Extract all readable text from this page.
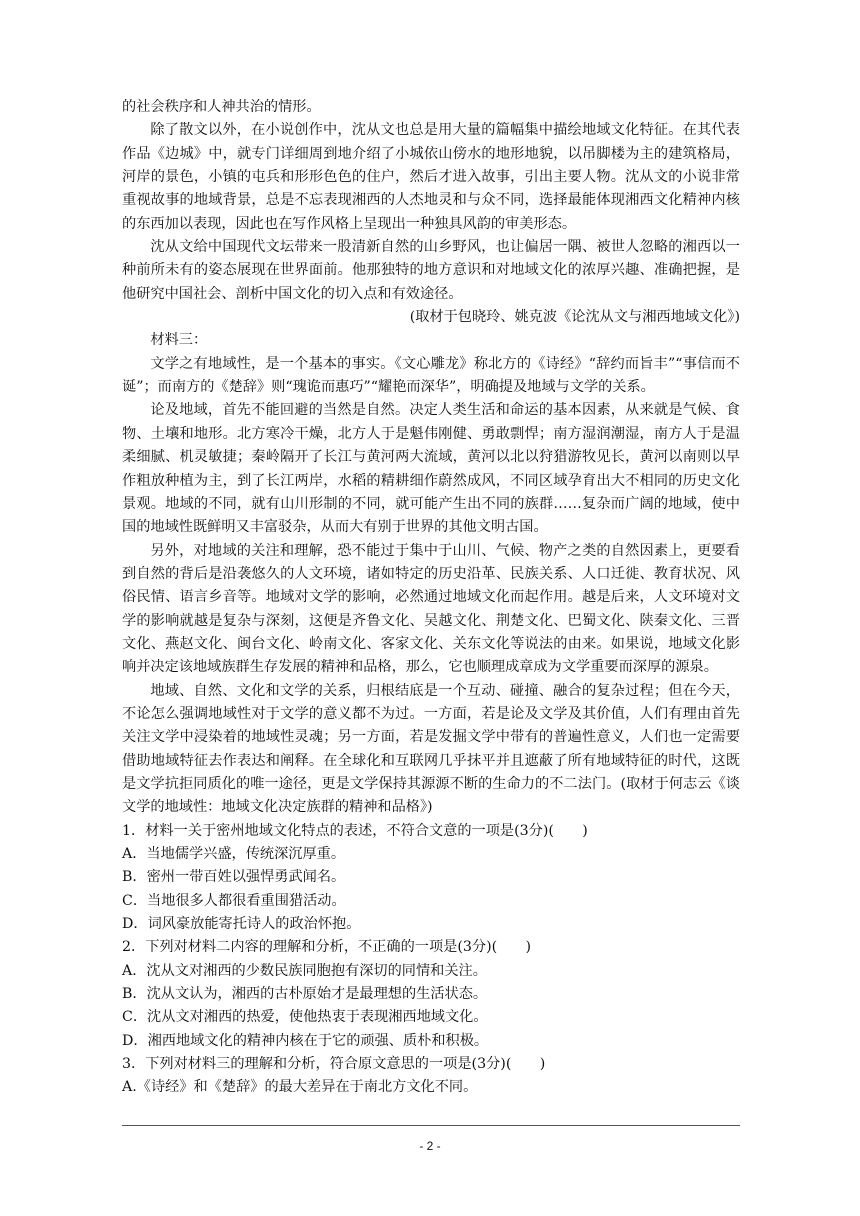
的社会秩序和人神共治的情形。

除了散文以外，在小说创作中，沈从文也总是用大量的篇幅集中描绘地域文化特征。在其代表作品《边城》中，就专门详细周到地介绍了小城依山傍水的地形地貌，以吊脚楼为主的建筑格局，河岸的景色，小镇的屯兵和形形色色的住户，然后才进入故事，引出主要人物。沈从文的小说非常重视故事的地域背景，总是不忘表现湘西的人杰地灵和与众不同，选择最能体现湘西文化精神内核的东西加以表现，因此也在写作风格上呈现出一种独具风韵的审美形态。

沈从文给中国现代文坛带来一股清新自然的山乡野风，也让偏居一隅、被世人忽略的湘西以一种前所未有的姿态展现在世界面前。他那独特的地方意识和对地域文化的浓厚兴趣、准确把握，是他研究中国社会、剖析中国文化的切入点和有效途径。

(取材于包晓玲、姚克波《论沈从文与湘西地域文化》)

材料三：

文学之有地域性，是一个基本的事实。《文心雕龙》称北方的《诗经》“辞约而旨丰”“事信而不诞”；而南方的《楚辞》则“瑰诡而惠巧”“耀艳而深华”，明确提及地域与文学的关系。

论及地域，首先不能回避的当然是自然。决定人类生活和命运的基本因素，从来就是气候、食物、土壤和地形。北方寒冷干燥，北方人于是魁伟刚健、勇敢剽悍；南方湿润潮湿，南方人于是温柔细腻、机灵敏捷；秦岭隔开了长江与黄河两大流域，黄河以北以狩猎游牧见长，黄河以南则以早作粗放种植为主，到了长江两岸，水稻的精耕细作蔚然成风，不同区域孕育出大不相同的历史文化景观。地域的不同，就有山川形制的不同，就可能产生出不同的族群……复杂而广阔的地域，使中国的地域性既鲜明又丰富驳杂，从而大有别于世界的其他文明古国。

另外，对地域的关注和理解，恐不能过于集中于山川、气候、物产之类的自然因素上，更要看到自然的背后是沿袭悠久的人文环境，诸如特定的历史沿革、民族关系、人口迁徙、教育状况、风俗民情、语言乡音等。地域对文学的影响，必然通过地域文化而起作用。越是后来，人文环境对文学的影响就越是复杂与深刻，这便是齐鲁文化、吴越文化、荆楚文化、巴蜀文化、陕秦文化、三晋文化、燕赵文化、闽台文化、岭南文化、客家文化、关东文化等说法的由来。如果说，地域文化影响并决定该地域族群生存发展的精神和品格，那么，它也顺理成章成为文学重要而深厚的源泉。

地域、自然、文化和文学的关系，归根结底是一个互动、碰撞、融合的复杂过程；但在今天，不论怎么强调地域性对于文学的意义都不为过。一方面，若是论及文学及其价值，人们有理由首先关注文学中浸染着的地域性灵魂；另一方面，若是发掘文学中带有的普遍性意义，人们也一定需要借助地域特征去作表达和阐释。在全球化和互联网几乎抹平并且遮蔽了所有地域特征的时代，这既是文学抗拒同质化的唯一途径，更是文学保持其源源不断的生命力的不二法门。(取材于何志云《谈文学的地域性：地域文化决定族群的精神和品格》)

1．材料一关于密州地域文化特点的表述，不符合文意的一项是(3分)(　　)

A．当地儒学兴盛，传统深沉厚重。

B．密州一带百姓以强悍勇武闻名。

C．当地很多人都很看重围猎活动。

D．词风豪放能寄托诗人的政治怀抱。

2．下列对材料二内容的理解和分析，不正确的一项是(3分)(　　)

A．沈从文对湘西的少数民族同胞抱有深切的同情和关注。

B．沈从文认为，湘西的古朴原始才是最理想的生活状态。

C．沈从文对湘西的热爱，使他热衷于表现湘西地域文化。

D．湘西地域文化的精神内核在于它的顽强、质朴和积极。

3．下列对材料三的理解和分析，符合原文意思的一项是(3分)(　　)

A.《诗经》和《楚辞》的最大差异在于南北方文化不同。

- 2 -
